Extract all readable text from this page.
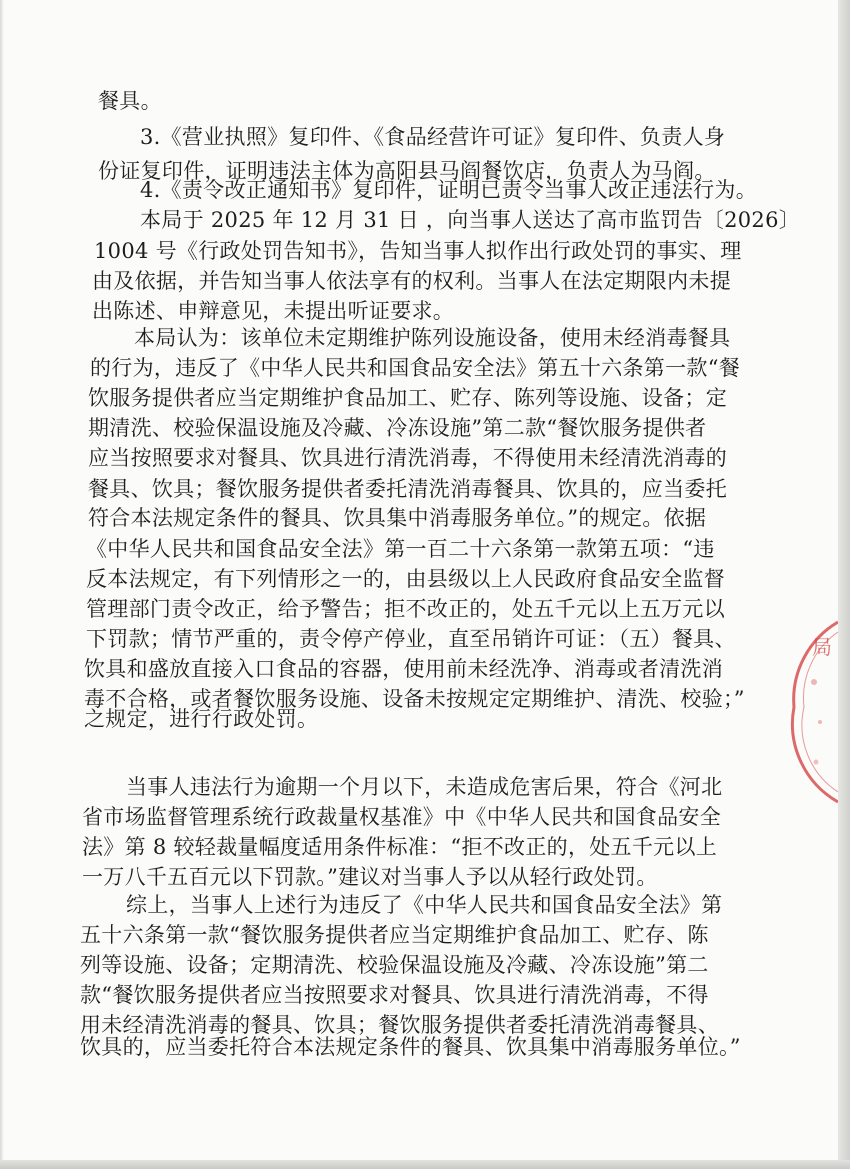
餐具。
3.《营业执照》复印件、《食品经营许可证》复印件、负责人身
份证复印件，证明违法主体为高阳县马阎餐饮店，负责人为马阎。
4.《责令改正通知书》复印件，证明已责令当事人改正违法行为。
本局于 2025 年 12 月 31 日 ，向当事人送达了高市监罚告〔2026〕
1004 号《行政处罚告知书》，告知当事人拟作出行政处罚的事实、理
由及依据，并告知当事人依法享有的权利。当事人在法定期限内未提
出陈述、申辩意见，未提出听证要求。
本局认为：该单位未定期维护陈列设施设备，使用未经消毒餐具
的行为，违反了《中华人民共和国食品安全法》第五十六条第一款“餐
饮服务提供者应当定期维护食品加工、贮存、陈列等设施、设备；定
期清洗、校验保温设施及冷藏、冷冻设施”第二款“餐饮服务提供者
应当按照要求对餐具、饮具进行清洗消毒，不得使用未经清洗消毒的
餐具、饮具；餐饮服务提供者委托清洗消毒餐具、饮具的，应当委托
符合本法规定条件的餐具、饮具集中消毒服务单位。”的规定。依据
《中华人民共和国食品安全法》第一百二十六条第一款第五项：“违
反本法规定，有下列情形之一的，由县级以上人民政府食品安全监督
管理部门责令改正，给予警告；拒不改正的，处五千元以上五万元以
下罚款；情节严重的，责令停产停业，直至吊销许可证：（五）餐具、
饮具和盛放直接入口食品的容器，使用前未经洗净、消毒或者清洗消
毒不合格，或者餐饮服务设施、设备未按规定定期维护、清洗、校验；”
之规定，进行行政处罚。
当事人违法行为逾期一个月以下，未造成危害后果，符合《河北
省市场监督管理系统行政裁量权基准》中《中华人民共和国食品安全
法》第 8 较轻裁量幅度适用条件标准：“拒不改正的，处五千元以上
一万八千五百元以下罚款。”建议对当事人予以从轻行政处罚。
综上，当事人上述行为违反了《中华人民共和国食品安全法》第
五十六条第一款“餐饮服务提供者应当定期维护食品加工、贮存、陈
列等设施、设备；定期清洗、校验保温设施及冷藏、冷冻设施”第二
款“餐饮服务提供者应当按照要求对餐具、饮具进行清洗消毒，不得
用未经清洗消毒的餐具、饮具；餐饮服务提供者委托清洗消毒餐具、
饮具的，应当委托符合本法规定条件的餐具、饮具集中消毒服务单位。”
局
